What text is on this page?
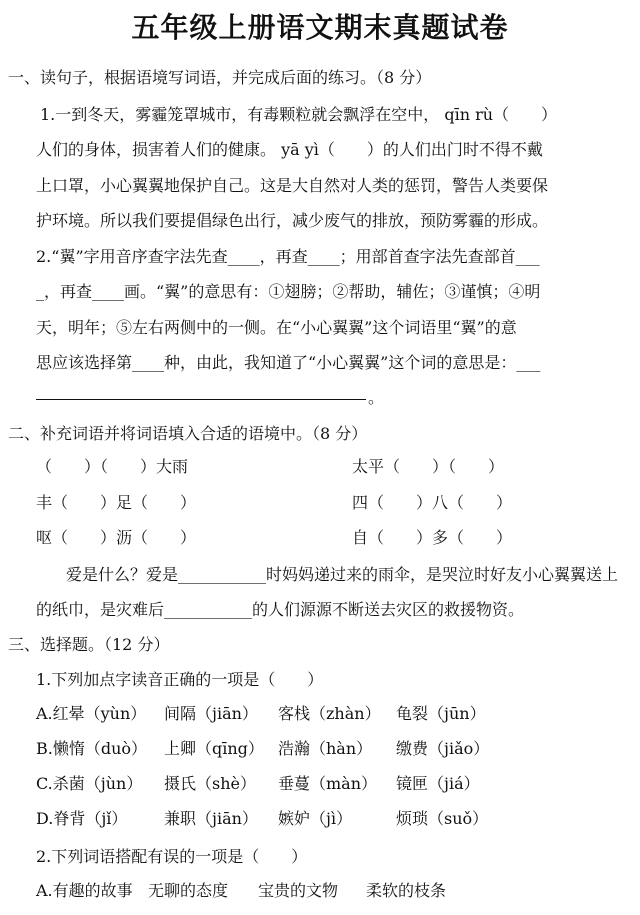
五年级上册语文期末真题试卷
一、读句子，根据语境写词语，并完成后面的练习。（8 分）
1.一到冬天，雾霾笼罩城市，有毒颗粒就会飘浮在空中， qīn rù（　　）
人们的身体，损害着人们的健康。 yā yì（　　）的人们出门时不得不戴
上口罩，小心翼翼地保护自己。这是大自然对人类的惩罚，警告人类要保
护环境。所以我们要提倡绿色出行，减少废气的排放，预防雾霾的形成。
2.“翼”字用音序查字法先查____，再查____；用部首查字法先查部首___
_，再查____画。“翼”的意思有：①翅膀；②帮助，辅佐；③谨慎；④明
天，明年；⑤左右两侧中的一侧。在“小心翼翼”这个词语里“翼”的意
思应该选择第____种，由此，我知道了“小心翼翼”这个词的意思是：___
。
二、补充词语并将词语填入合适的语境中。（8 分）
（　　）（　　）大雨	太平（　　）（　　）
丰（　　）足（　　）	四（　　）八（　　）
呕（　　）沥（　　）	自（　　）多（　　）
爱是什么？爱是___________时妈妈递过来的雨伞，是哭泣时好友小心翼翼送上
的纸巾，是灾难后___________的人们源源不断送去灾区的救援物资。
三、选择题。（12 分）
1.下列加点字读音正确的一项是（　　）
A.红晕（yùn） 间隔（jiān） 客栈（zhàn） 龟裂（jūn）
B.懒惰（duò） 上卿（qīng） 浩瀚（hàn） 缴费（jiǎo）
C.杀菌（jùn） 摄氏（shè） 垂蔓（màn） 镜匣（jiá）
D.脊背（jǐ） 兼职（jiān） 嫉妒（jì）	烦琐（suǒ）
2.下列词语搭配有误的一项是（　　）
A.有趣的故事 无聊的态度 宝贵的文物 柔软的枝条
